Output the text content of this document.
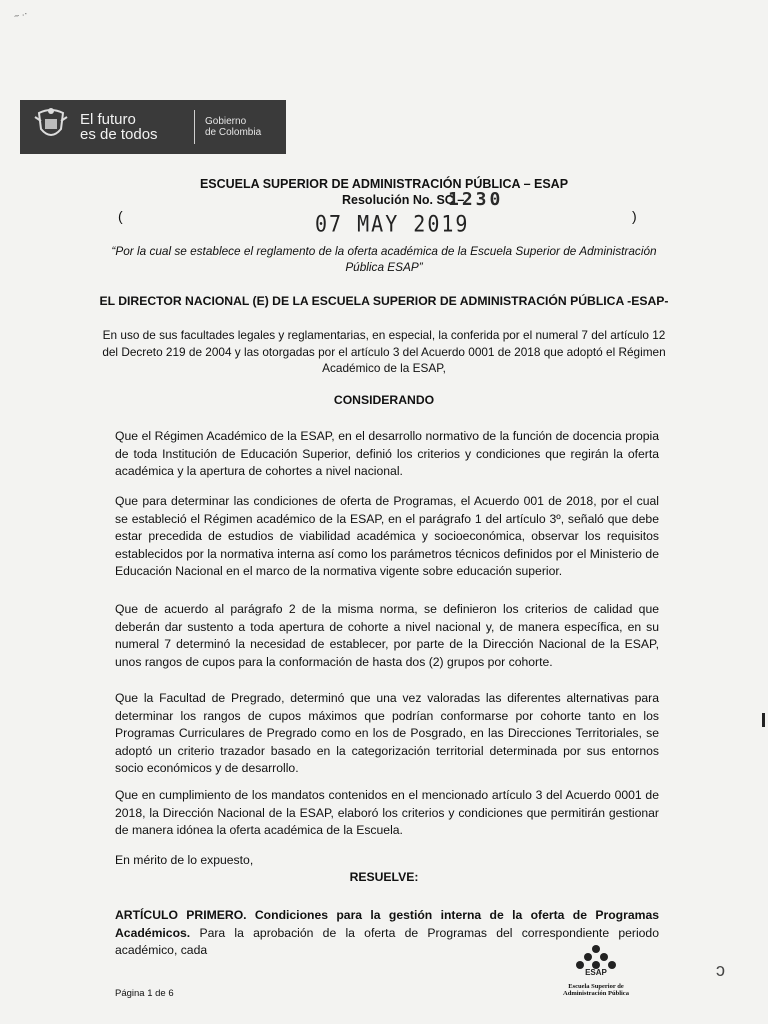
~ ·‧
El futuro
es de todos
Gobierno
de Colombia
ESCUELA SUPERIOR DE ADMINISTRACIÓN PÚBLICA – ESAP
Resolución No. SC –
1230
(	07 MAY 2019	)
“Por la cual se establece el reglamento de la oferta académica de la Escuela Superior de Administración Pública ESAP”
EL DIRECTOR NACIONAL (E) DE LA ESCUELA SUPERIOR DE ADMINISTRACIÓN PÚBLICA -ESAP-
En uso de sus facultades legales y reglamentarias, en especial, la conferida por el numeral 7 del artículo 12 del Decreto 219 de 2004 y las otorgadas por el artículo 3 del Acuerdo 0001 de 2018 que adoptó el Régimen Académico de la ESAP,
CONSIDERANDO

Que el Régimen Académico de la ESAP, en el desarrollo normativo de la función de docencia propia de toda Institución de Educación Superior, definió los criterios y condiciones que regirán la oferta académica y la apertura de cohortes a nivel nacional.

Que para determinar las condiciones de oferta de Programas, el Acuerdo 001 de 2018, por el cual se estableció el Régimen académico de la ESAP, en el parágrafo 1 del artículo 3º, señaló que debe estar precedida de estudios de viabilidad académica y socioeconómica, observar los requisitos establecidos por la normativa interna así como los parámetros técnicos definidos por el Ministerio de Educación Nacional en el marco de la normativa vigente sobre educación superior.

Que de acuerdo al parágrafo 2 de la misma norma, se definieron los criterios de calidad que deberán dar sustento a toda apertura de cohorte a nivel nacional y, de manera específica, en su numeral 7 determinó la necesidad de establecer, por parte de la Dirección Nacional de la ESAP, unos rangos de cupos para la conformación de hasta dos (2) grupos por cohorte.

Que la Facultad de Pregrado, determinó que una vez valoradas las diferentes alternativas para determinar los rangos de cupos máximos que podrían conformarse por cohorte tanto en los Programas Curriculares de Pregrado como en los de Posgrado, en las Direcciones Territoriales, se adoptó un criterio trazador basado en la categorización territorial determinada por sus entornos socio económicos y de desarrollo.

Que en cumplimiento de los mandatos contenidos en el mencionado artículo 3 del Acuerdo 0001 de 2018, la Dirección Nacional de la ESAP, elaboró los criterios y condiciones que permitirán gestionar de manera idónea la oferta académica de la Escuela.

En mérito de lo expuesto,

RESUELVE:

ARTÍCULO PRIMERO. Condiciones para la gestión interna de la oferta de Programas Académicos. Para la aprobación de la oferta de Programas del correspondiente periodo académico, cada

Página 1 de 6
ESAP
Escuela Superior de
Administración Pública
ↄ
